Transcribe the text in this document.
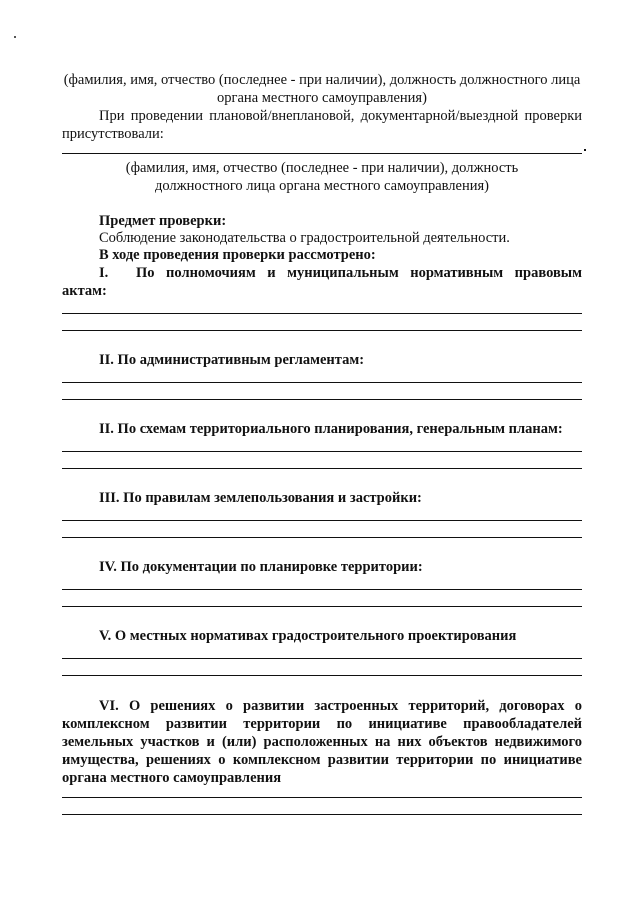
(фамилия, имя, отчество (последнее - при наличии), должность должностного лица органа местного самоуправления)
При проведении плановой/внеплановой, документарной/выездной проверки присутствовали:
(фамилия, имя, отчество (последнее - при наличии), должность должностного лица органа местного самоуправления)
Предмет проверки:
Соблюдение законодательства о градостроительной деятельности.
В ходе проведения проверки рассмотрено:
I.	По полномочиям и муниципальным нормативным правовым
актам:
II. По административным регламентам:
II. По схемам территориального планирования, генеральным планам:
III. По правилам землепользования и застройки:
IV. По документации по планировке территории:
V. О местных нормативах градостроительного проектирования
VI. О решениях о развитии застроенных территорий, договорах о комплексном развитии территории по инициативе правообладателей земельных участков и (или) расположенных на них объектов недвижимого имущества, решениях о комплексном развитии территории по инициативе органа местного самоуправления
